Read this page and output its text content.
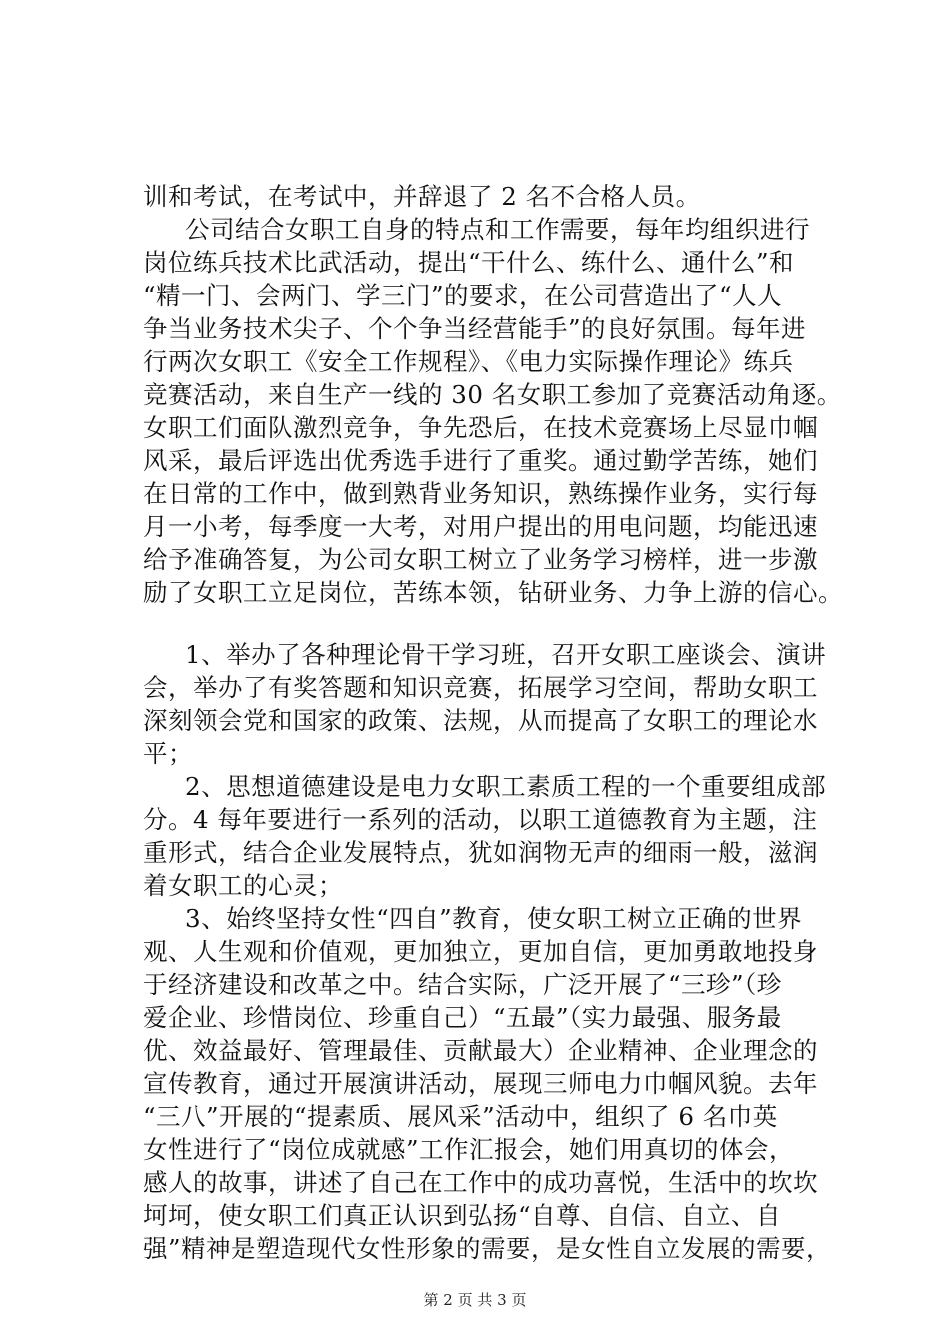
训和考试，在考试中，并辞退了 2 名不合格人员。
公司结合女职工自身的特点和工作需要，每年均组织进行
岗位练兵技术比武活动，提出“干什么、练什么、通什么”和
“精一门、会两门、学三门”的要求，在公司营造出了“人人
争当业务技术尖子、个个争当经营能手”的良好氛围。每年进
行两次女职工《安全工作规程》、《电力实际操作理论》练兵
竞赛活动，来自生产一线的 30 名女职工参加了竞赛活动角逐。
女职工们面队激烈竞争，争先恐后，在技术竞赛场上尽显巾帼
风采，最后评选出优秀选手进行了重奖。通过勤学苦练，她们
在日常的工作中，做到熟背业务知识，熟练操作业务，实行每
月一小考，每季度一大考，对用户提出的用电问题，均能迅速
给予准确答复，为公司女职工树立了业务学习榜样，进一步激
励了女职工立足岗位，苦练本领，钻研业务、力争上游的信心。
1、举办了各种理论骨干学习班，召开女职工座谈会、演讲
会，举办了有奖答题和知识竞赛，拓展学习空间，帮助女职工
深刻领会党和国家的政策、法规，从而提高了女职工的理论水
平；
2、思想道德建设是电力女职工素质工程的一个重要组成部
分。4 每年要进行一系列的活动，以职工道德教育为主题，注
重形式，结合企业发展特点，犹如润物无声的细雨一般，滋润
着女职工的心灵；
3、始终坚持女性“四自”教育，使女职工树立正确的世界
观、人生观和价值观，更加独立，更加自信，更加勇敢地投身
于经济建设和改革之中。结合实际，广泛开展了“三珍”（珍
爱企业、珍惜岗位、珍重自己）“五最”（实力最强、服务最
优、效益最好、管理最佳、贡献最大）企业精神、企业理念的
宣传教育，通过开展演讲活动，展现三师电力巾帼风貌。去年
“三八”开展的“提素质、展风采”活动中，组织了 6 名巾英
女性进行了“岗位成就感”工作汇报会，她们用真切的体会，
感人的故事，讲述了自己在工作中的成功喜悦，生活中的坎坎
坷坷，使女职工们真正认识到弘扬“自尊、自信、自立、自
强”精神是塑造现代女性形象的需要，是女性自立发展的需要，
第 2 页 共 3 页
